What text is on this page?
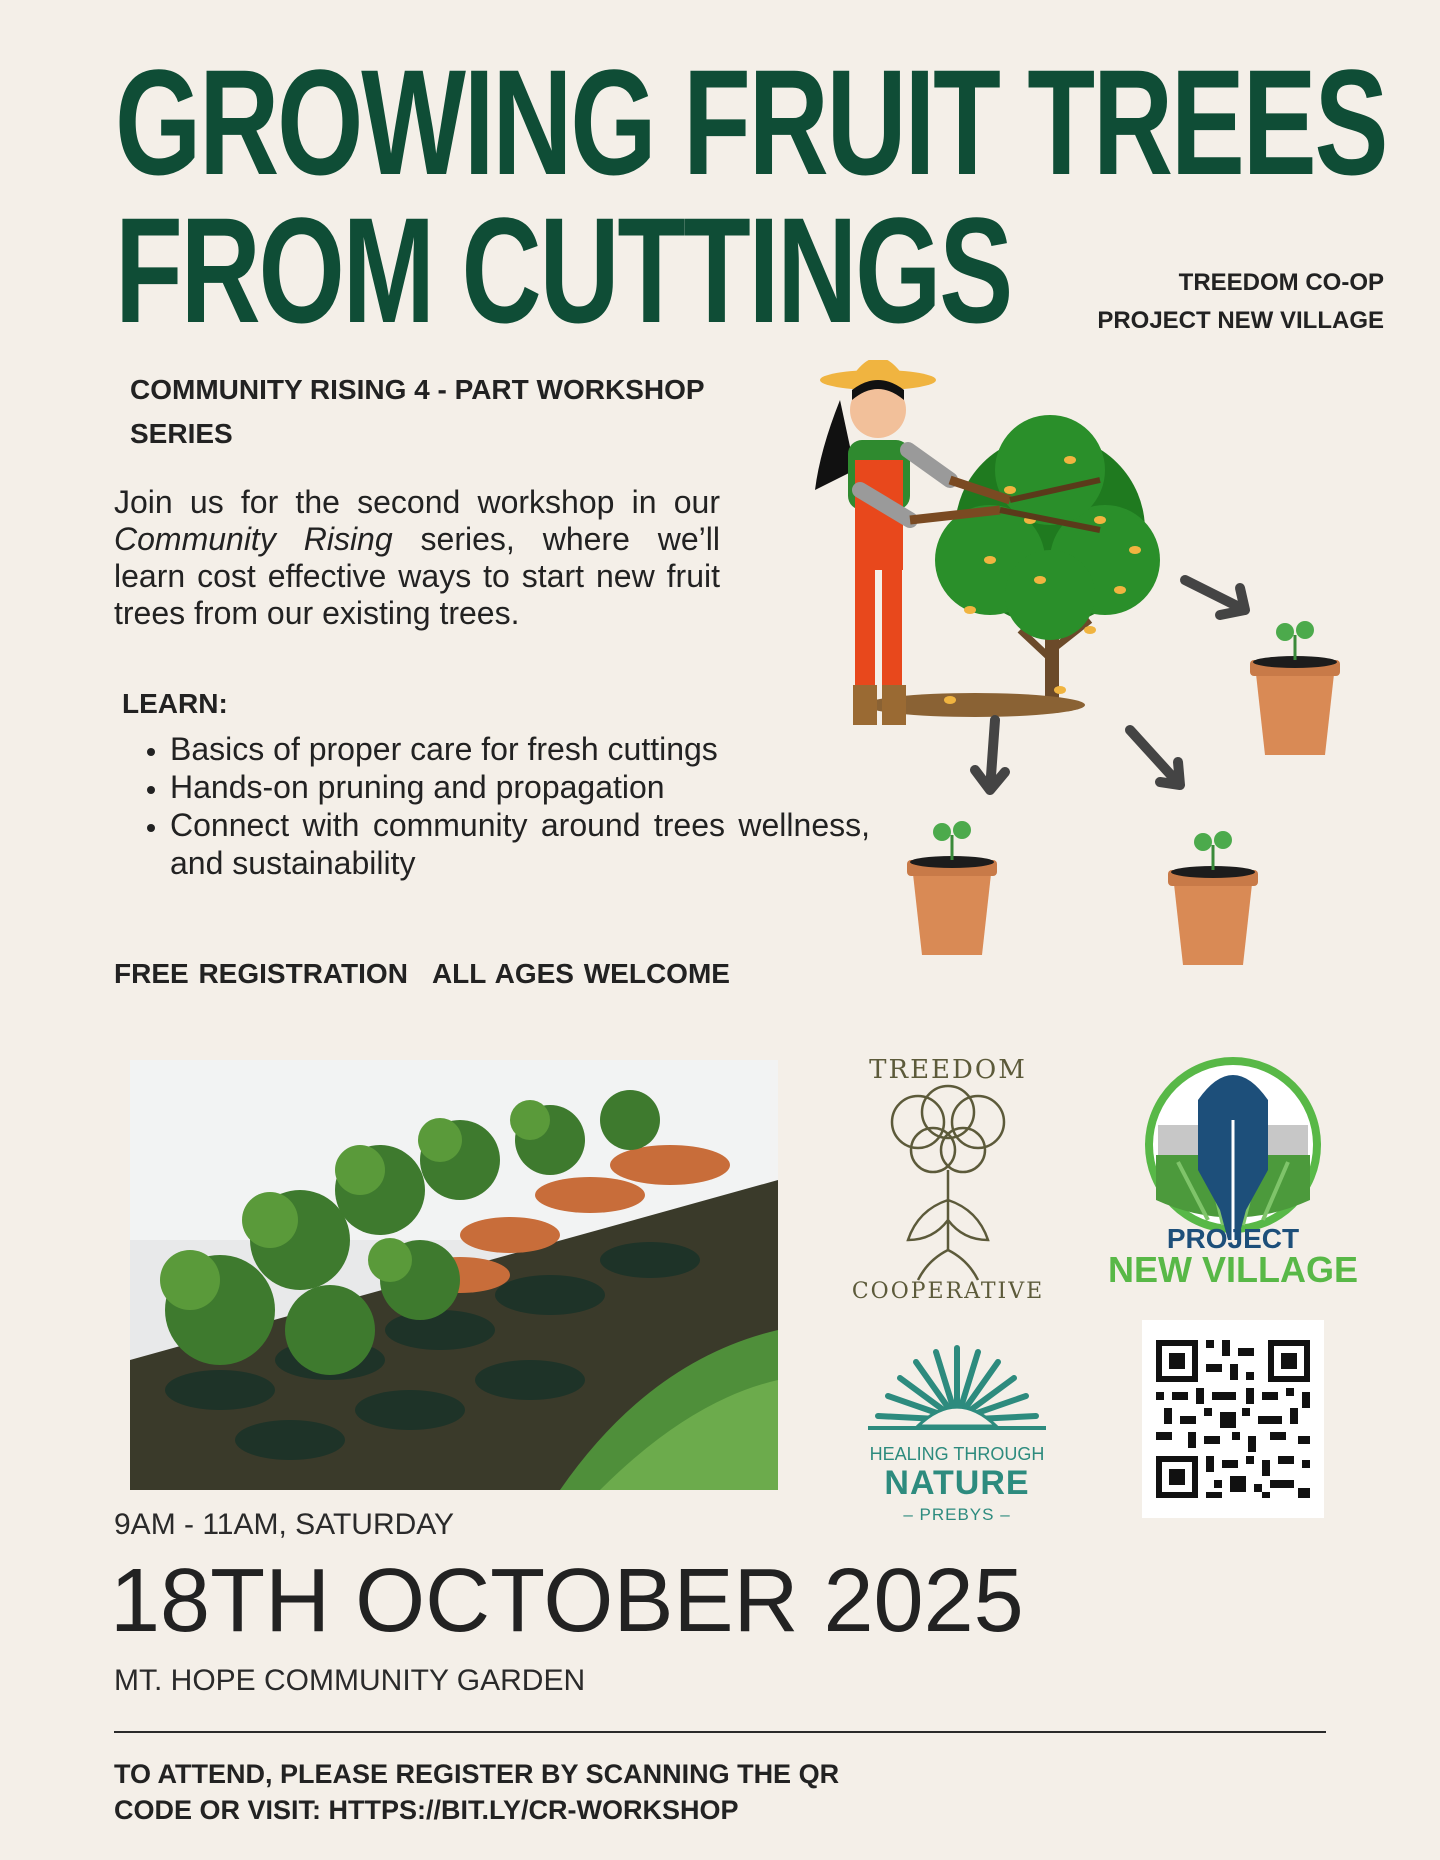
GROWING FRUIT TREES
FROM CUTTINGS	TREEDOM CO-OP
PROJECT NEW VILLAGE
COMMUNITY RISING 4 - PART WORKSHOP SERIES
Join us for the second workshop in our Community Rising series, where we’ll learn cost effective ways to start new fruit trees from our existing trees.
LEARN:
• Basics of proper care for fresh cuttings
• Hands-on pruning and propagation
• Connect with community around trees wellness, and sustainability
FREE REGISTRATION ALL AGES WELCOME
TREEDOM
COOPERATIVE
PROJECT
NEW VILLAGE
HEALING THROUGH
NATURE
– PREBYS –
9AM - 11AM, SATURDAY
18TH OCTOBER 2025
MT. HOPE COMMUNITY GARDEN
TO ATTEND, PLEASE REGISTER BY SCANNING THE QR
CODE OR VISIT: HTTPS://BIT.LY/CR-WORKSHOP
